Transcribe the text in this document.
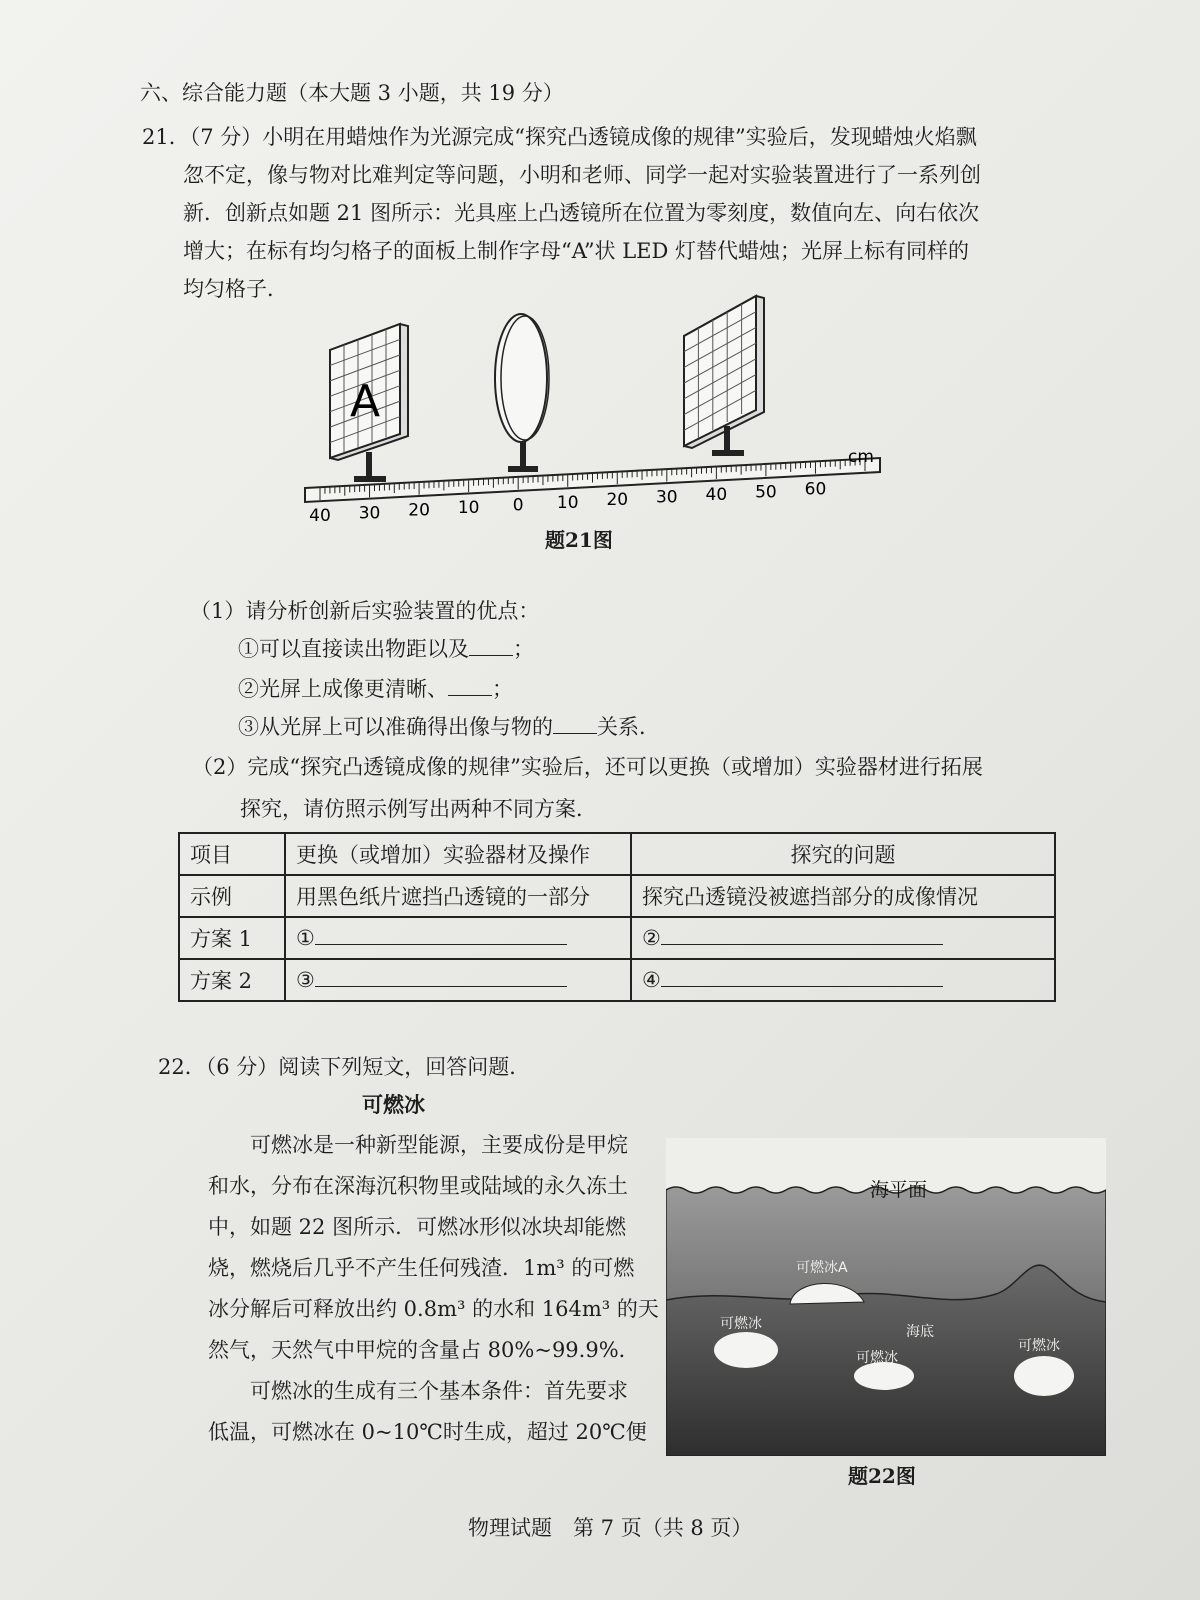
六、综合能力题（本大题 3 小题，共 19 分）
21．（7 分）小明在用蜡烛作为光源完成“探究凸透镜成像的规律”实验后，发现蜡烛火焰飘
忽不定，像与物对比难判定等问题，小明和老师、同学一起对实验装置进行了一系列创
新．创新点如题 21 图所示：光具座上凸透镜所在位置为零刻度，数值向左、向右依次
增大；在标有均匀格子的面板上制作字母“A”状 LED 灯替代蜡烛；光屏上标有同样的
均匀格子．
cm
40 30 20 10 0 10 20 30 40 50 60
A
题21图
（1）请分析创新后实验装置的优点：
①可以直接读出物距以及 ；
②光屏上成像更清晰、 ；
③从光屏上可以准确得出像与物的 关系．
（2）完成“探究凸透镜成像的规律”实验后，还可以更换（或增加）实验器材进行拓展
探究，请仿照示例写出两种不同方案．
项目	更换（或增加）实验器材及操作	探究的问题
示例	用黑色纸片遮挡凸透镜的一部分	探究凸透镜没被遮挡部分的成像情况
方案 1	①	②
方案 2	③	④
22．（6 分）阅读下列短文，回答问题．
可燃冰

可燃冰是一种新型能源，主要成份是甲烷

和水，分布在深海沉积物里或陆域的永久冻土

中，如题 22 图所示．可燃冰形似冰块却能燃

烧，燃烧后几乎不产生任何残渣．1m³ 的可燃

冰分解后可释放出约 0.8m³ 的水和 164m³ 的天

然气，天然气中甲烷的含量占 80%~99.9%．

可燃冰的生成有三个基本条件：首先要求

低温，可燃冰在 0~10℃时生成，超过 20℃便

海平面
可燃冰A
可燃冰	海底
可燃冰
可燃冰
题22图
物理试题　第 7 页（共 8 页）
